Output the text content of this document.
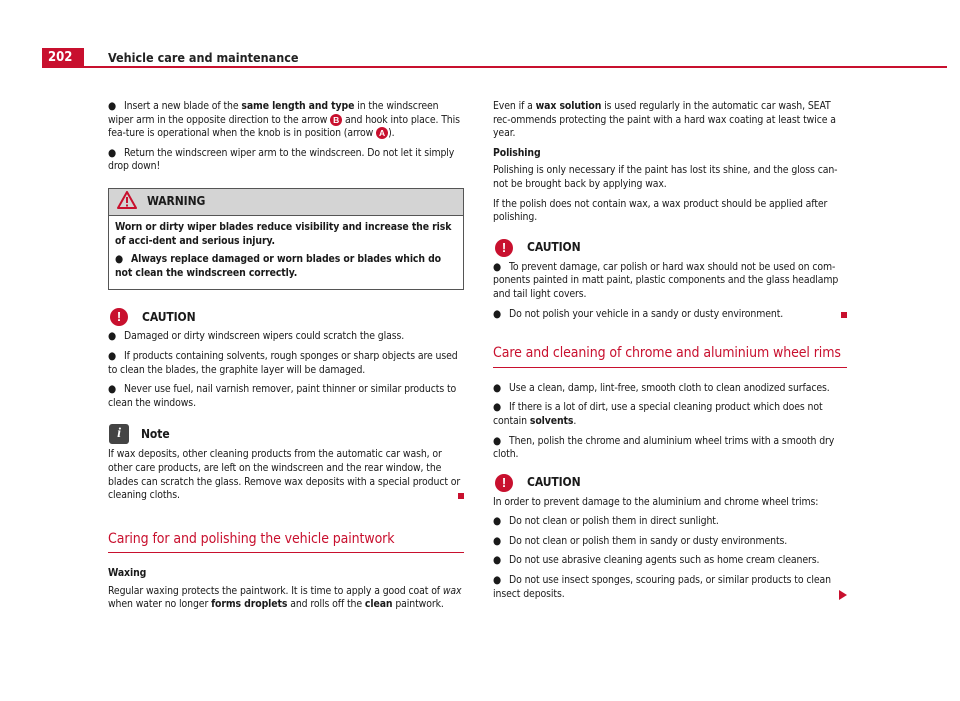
202	Vehicle care and maintenance

● Insert a new blade of the same length and type in the windscreen wiper arm in the opposite direction to the arrow B and hook into place. This fea-ture is operational when the knob is in position (arrow A ).

● Return the windscreen wiper arm to the windscreen. Do not let it simply drop down!

WARNING

Worn or dirty wiper blades reduce visibility and increase the risk of acci-dent and serious injury.

● Always replace damaged or worn blades or blades which do not clean the windscreen correctly.

!	CAUTION

● Damaged or dirty windscreen wipers could scratch the glass.

● If products containing solvents, rough sponges or sharp objects are used to clean the blades, the graphite layer will be damaged.

● Never use fuel, nail varnish remover, paint thinner or similar products to clean the windows.

i	Note

If wax deposits, other cleaning products from the automatic car wash, or other care products, are left on the windscreen and the rear window, the blades can scratch the glass. Remove wax deposits with a special product or cleaning cloths.

Caring for and polishing the vehicle paintwork

Waxing

Regular waxing protects the paintwork. It is time to apply a good coat of wax when water no longer forms droplets and rolls off the clean paintwork.

Even if a wax solution is used regularly in the automatic car wash, SEAT rec-ommends protecting the paint with a hard wax coating at least twice a year.

Polishing

Polishing is only necessary if the paint has lost its shine, and the gloss can-not be brought back by applying wax.

If the polish does not contain wax, a wax product should be applied after polishing.

!	CAUTION

● To prevent damage, car polish or hard wax should not be used on com-ponents painted in matt paint, plastic components and the glass headlamp and tail light covers.

● Do not polish your vehicle in a sandy or dusty environment.

Care and cleaning of chrome and aluminium wheel rims

● Use a clean, damp, lint-free, smooth cloth to clean anodized surfaces.

● If there is a lot of dirt, use a special cleaning product which does not contain solvents.

● Then, polish the chrome and aluminium wheel trims with a smooth dry cloth.

!	CAUTION

In order to prevent damage to the aluminium and chrome wheel trims:

● Do not clean or polish them in direct sunlight.

● Do not clean or polish them in sandy or dusty environments.

● Do not use abrasive cleaning agents such as home cream cleaners.

● Do not use insect sponges, scouring pads, or similar products to clean insect deposits.
